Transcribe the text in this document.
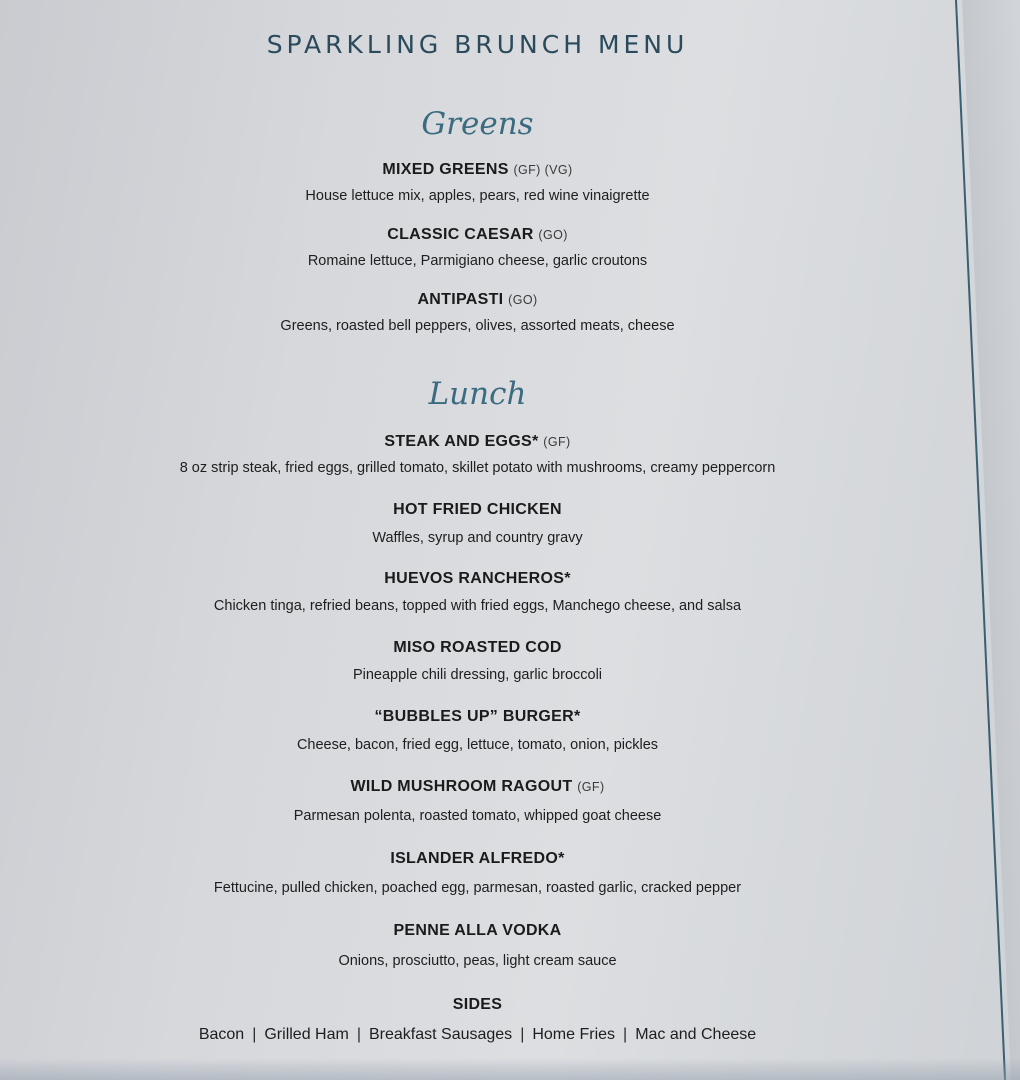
SPARKLING BRUNCH MENU
Greens
MIXED GREENS (GF) (VG)
House lettuce mix, apples, pears, red wine vinaigrette
CLASSIC CAESAR (GO)
Romaine lettuce, Parmigiano cheese, garlic croutons
ANTIPASTI (GO)
Greens, roasted bell peppers, olives, assorted meats, cheese
Lunch
STEAK AND EGGS* (GF)
8 oz strip steak, fried eggs, grilled tomato, skillet potato with mushrooms, creamy peppercorn
HOT FRIED CHICKEN
Waffles, syrup and country gravy
HUEVOS RANCHEROS*
Chicken tinga, refried beans, topped with fried eggs, Manchego cheese, and salsa
MISO ROASTED COD
Pineapple chili dressing, garlic broccoli
“BUBBLES UP” BURGER*
Cheese, bacon, fried egg, lettuce, tomato, onion, pickles
WILD MUSHROOM RAGOUT (GF)
Parmesan polenta, roasted tomato, whipped goat cheese
ISLANDER ALFREDO*
Fettucine, pulled chicken, poached egg, parmesan, roasted garlic, cracked pepper
PENNE ALLA VODKA
Onions, prosciutto, peas, light cream sauce
SIDES
Bacon | Grilled Ham | Breakfast Sausages | Home Fries | Mac and Cheese
